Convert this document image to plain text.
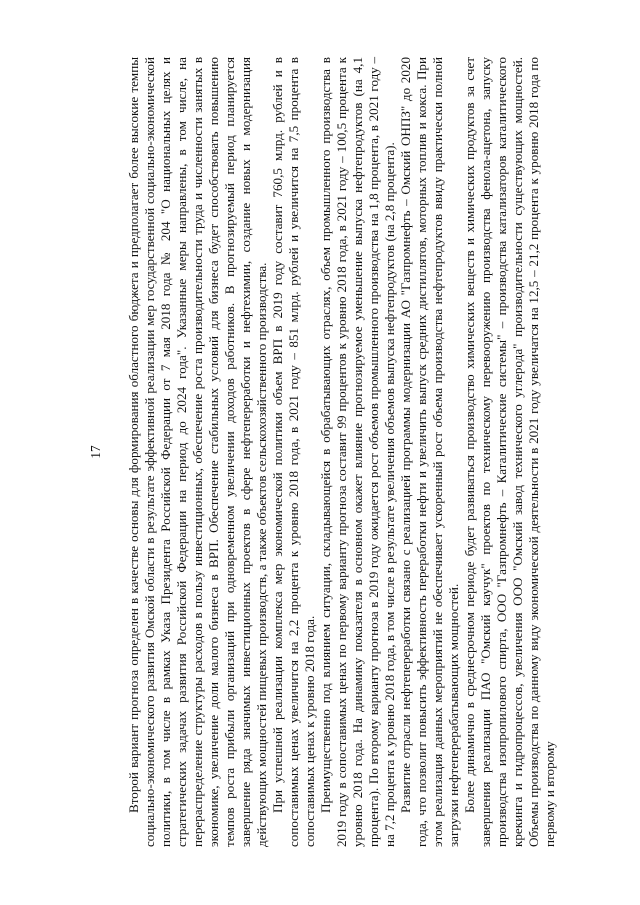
17 Второй вариант прогноза определен в качестве основы для формирования областного бюджета и предполагает более высокие темпы социально-экономического развития Омской области в результате эффективной реализации мер государственной социально-экономической политики, в том числе в рамках Указа Президента Российской Федерации от 7 мая 2018 года № 204 "О национальных целях и стратегических задачах развития Российской Федерации на период до 2024 года". Указанные меры направлены, в том числе, на перераспределение структуры расходов в пользу инвестиционных, обеспечение роста производительности труда и численности занятых в экономике, увеличение доли малого бизнеса в ВРП. Обеспечение стабильных условий для бизнеса будет способствовать повышению темпов роста прибыли организаций при одновременном увеличении доходов работников. В прогнозируемый период планируется завершение ряда значимых инвестиционных проектов в сфере нефтепереработки и нефтехимии, создание новых и модернизация действующих мощностей пищевых производств, а также объектов сельскохозяйственного производства. При успешной реализации комплекса мер экономической политики объем ВРП в 2019 году составит 760,5 млрд. рублей и в сопоставимых ценах увеличится на 2,2 процента к уровню 2018 года, в 2021 году – 851 млрд. рублей и увеличится на 7,5 процента в сопоставимых ценах к уровню 2018 года. Преимущественно под влиянием ситуации, складывающейся в обрабатывающих отраслях, объем промышленного производства в 2019 году в сопоставимых ценах по первому варианту прогноза составит 99 процентов к уровню 2018 года, в 2021 году – 100,5 процента к уровню 2018 года. На динамику показателя в основном окажет влияние прогнозируемое уменьшение выпуска нефтепродуктов (на 4,1 процента). По второму варианту прогноза в 2019 году ожидается рост объемов промышленного производства на 1,8 процента, в 2021 году – на 7,2 процента к уровню 2018 года, в том числе в результате увеличения объемов выпуска нефтепродуктов (на 2,8 процента). Развитие отрасли нефтепереработки связано с реализацией программы модернизации АО "Газпромнефть – Омский ОНПЗ" до 2020 года, что позволит повысить эффективность переработки нефти и увеличить выпуск средних дистиллятов, моторных топлив и кокса. При этом реализация данных мероприятий не обеспечивает ускоренный рост объема производства нефтепродуктов ввиду практически полной загрузки нефтеперерабатывающих мощностей. Более динамично в среднесрочном периоде будет развиваться производство химических веществ и химических продуктов за счет завершения реализации ПАО "Омский каучук" проектов по техническому перевооружению производства фенола-ацетона, запуску производства изопропилового спирта, ООО "Газпромнефть – Каталитические системы" – производства катализаторов каталитического крекинга и гидропроцессов, увеличения ООО "Омский завод технического углерода" производительности существующих мощностей. Объемы производства по данному виду экономической деятельности в 2021 году увеличатся на 12,5 – 21,2 процента к уровню 2018 года по первому и второму
